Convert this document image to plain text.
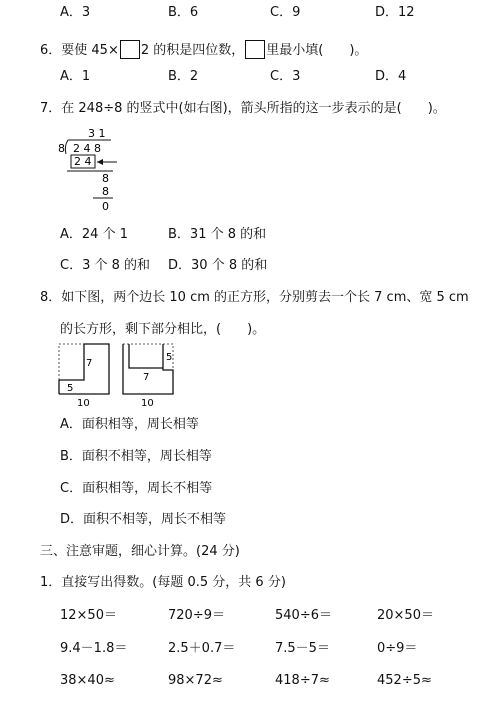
A．3	B．6	C．9	D．12
6．要使 45× 2 的积是四位数， 里最小填(　　)。
A．1	B．2	C．3	D．4
7．在 248÷8 的竖式中(如右图)，箭头所指的这一步表示的是(　　)。
3 1
8 2 4 8
2 4
8
8
0
A．24 个 1	B．31 个 8 的和
C．3 个 8 的和 D．30 个 8 的和
8．如下图，两个边长 10 cm 的正方形，分别剪去一个长 7 cm、宽 5 cm
的长方形，剩下部分相比，(　　)。
7
5
10
5
7
10
A．面积相等，周长相等
B．面积不相等，周长相等
C．面积相等，周长不相等
D．面积不相等，周长不相等
三、注意审题，细心计算。(24 分)
1．直接写出得数。(每题 0.5 分，共 6 分)
12×50＝	720÷9＝	540÷6＝	20×50＝
9.4－1.8＝	2.5＋0.7＝	7.5－5＝	0÷9＝
38×40≈	98×72≈	418÷7≈	452÷5≈
